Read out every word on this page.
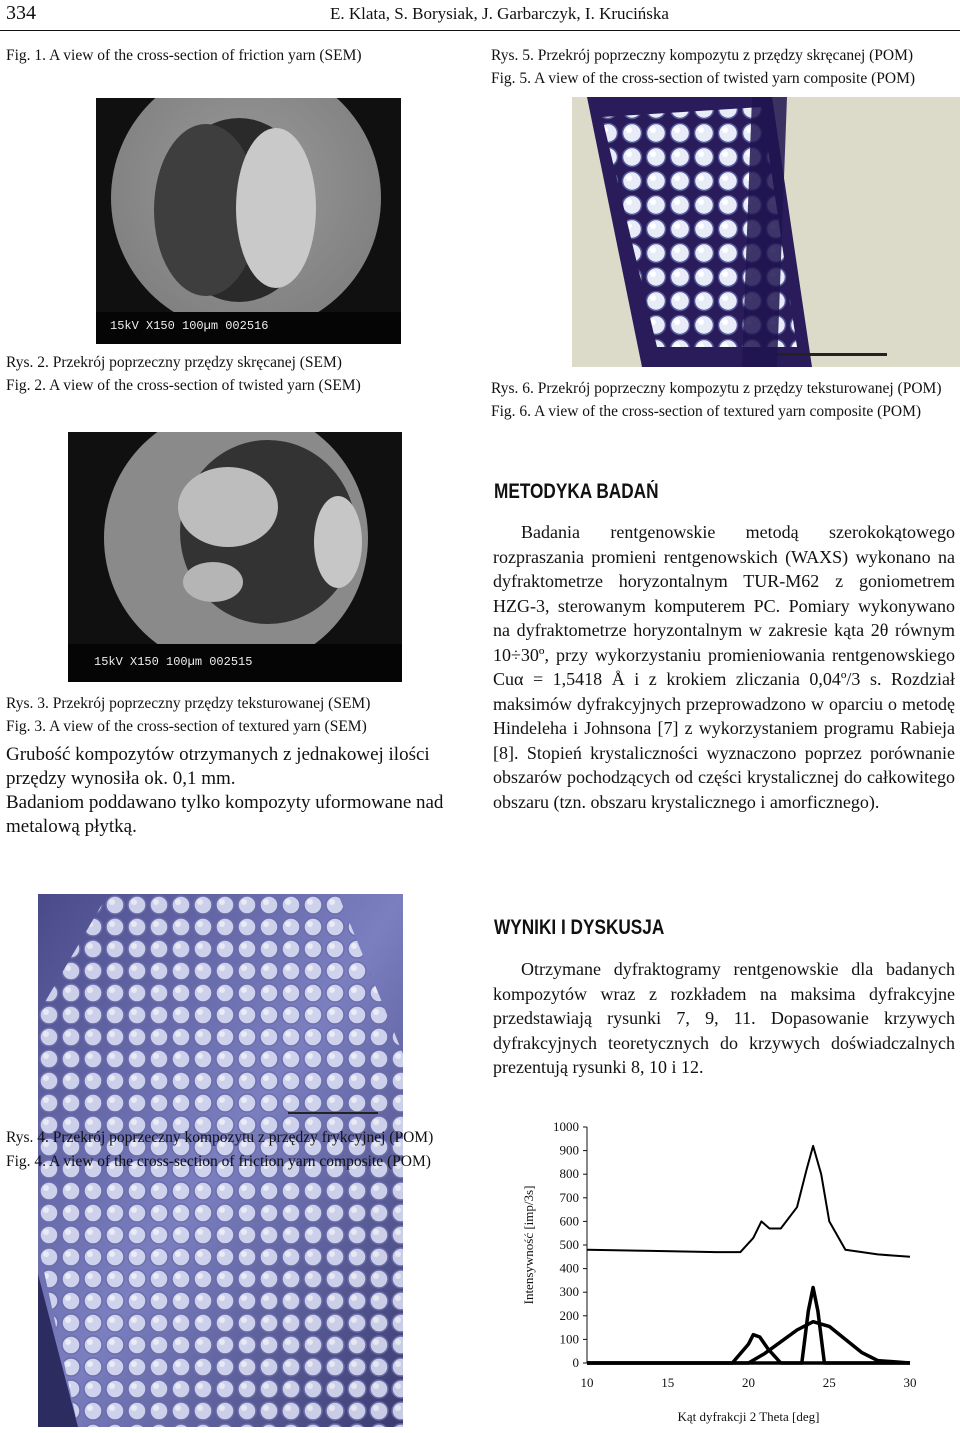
334	E. Klata, S. Borysiak, J. Garbarczyk, I. Krucińska
Fig. 1. A view of the cross-section of friction yarn (SEM)
15kV X150 100µm 002516
Rys. 2. Przekrój poprzeczny przędzy skręcanej (SEM)
Fig. 2. A view of the cross-section of twisted yarn (SEM)
15kV X150 100µm 002515
Rys. 3. Przekrój poprzeczny przędzy teksturowanej (SEM)
Fig. 3. A view of the cross-section of textured yarn (SEM)

Grubość kompozytów otrzymanych z jednakowej ilości przędzy wynosiła ok. 0,1 mm.

Badaniom poddawano tylko kompozyty uformowane nad metalową płytką.

Rys. 4. Przekrój poprzeczny kompozytu z przędzy frykcyjnej (POM)
Fig. 4. A view of the cross-section of friction yarn composite (POM)
Rys. 5. Przekrój poprzeczny kompozytu z przędzy skręcanej (POM)
Fig. 5. A view of the cross-section of twisted yarn composite (POM)
Rys. 6. Przekrój poprzeczny kompozytu z przędzy teksturowanej (POM)
Fig. 6. A view of the cross-section of textured yarn composite (POM)
METODYKA BADAŃ

Badania rentgenowskie metodą szerokokątowego rozpraszania promieni rentgenowskich (WAXS) wykonano na dyfraktometrze horyzontalnym TUR-M62 z goniometrem HZG-3, sterowanym komputerem PC. Pomiary wykonywano na dyfraktometrze horyzontalnym w zakresie kąta 2θ równym 10÷30º, przy wykorzystaniu promieniowania rentgenowskiego Cuα = 1,5418 Å i z krokiem zliczania 0,04º/3 s. Rozdział maksimów dyfrakcyjnych przeprowadzono w oparciu o metodę Hindeleha i Johnsona [7] z wykorzystaniem programu Rabieja [8]. Stopień krystaliczności wyznaczono poprzez porównanie obszarów pochodzących od części krystalicznej do całkowitego obszaru (tzn. obszaru krystalicznego i amorficznego).

WYNIKI I DYSKUSJA

Otrzymane dyfraktogramy rentgenowskie dla badanych kompozytów wraz z rozkładem na maksima dyfrakcyjne przedstawiają rysunki 7, 9, 11. Dopasowanie krzywych dyfrakcyjnych teoretycznych do krzywych doświadczalnych prezentują rysunki 8, 10 i 12.

0
100
200
300
400
500
600
700
800
900
1000
10	15	20	25	30
Kąt dyfrakcji 2 Theta [deg]
Intensywność [imp/3s]
